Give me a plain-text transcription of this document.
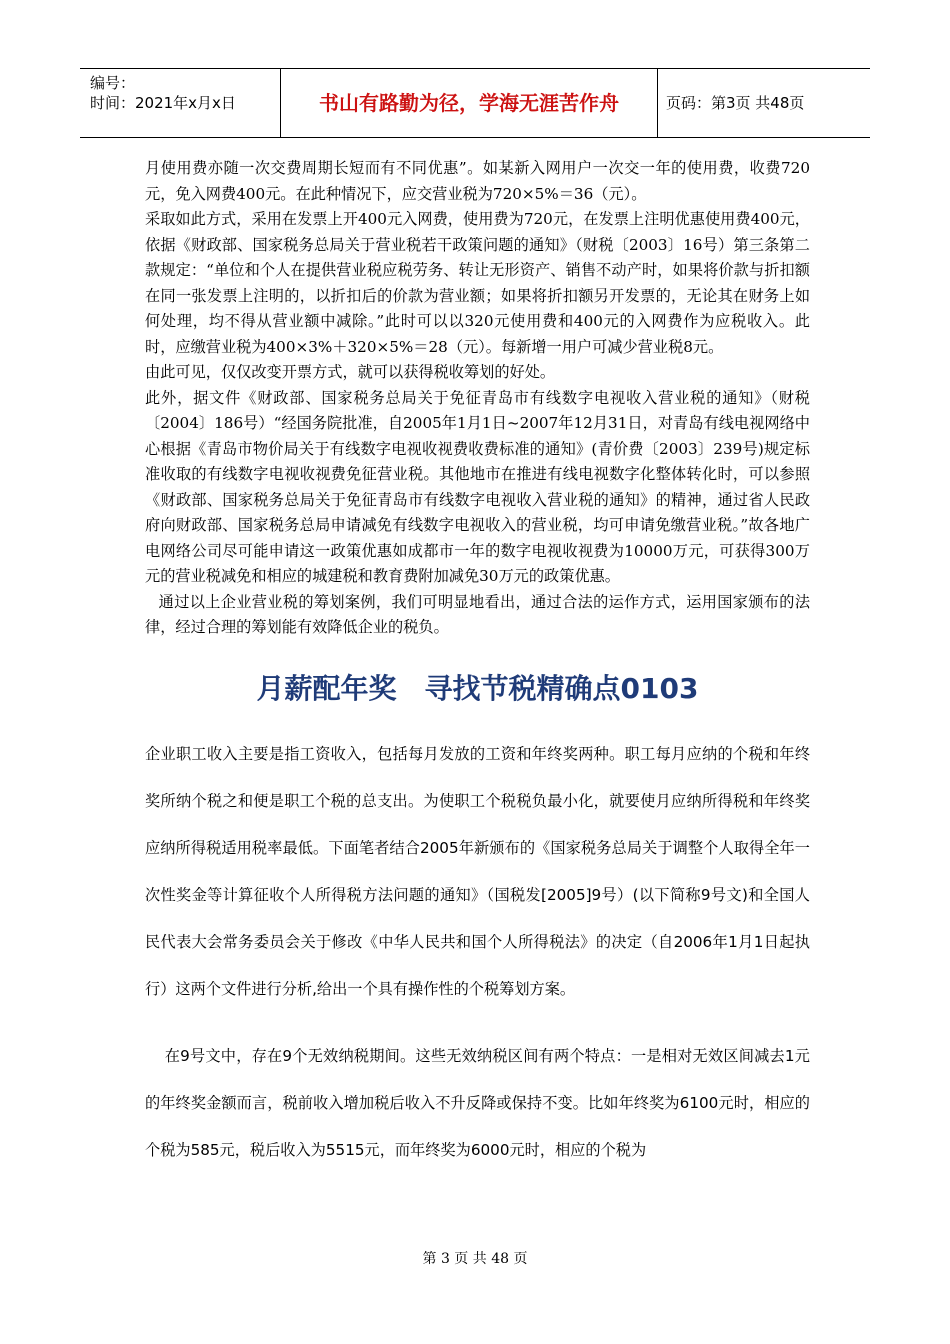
编号：
时间：2021年x月x日	书山有路勤为径，学海无涯苦作舟	页码：第3页 共48页

月使用费亦随一次交费周期长短而有不同优惠”。如某新入网用户一次交一年的使用费，收费720元，免入网费400元。在此种情况下，应交营业税为720×5%＝36（元）。

采取如此方式，采用在发票上开400元入网费，使用费为720元，在发票上注明优惠使用费400元，依据《财政部、国家税务总局关于营业税若干政策问题的通知》（财税〔2003〕16号）第三条第二款规定：“单位和个人在提供营业税应税劳务、转让无形资产、销售不动产时，如果将价款与折扣额在同一张发票上注明的，以折扣后的价款为营业额；如果将折扣额另开发票的，无论其在财务上如何处理，均不得从营业额中减除。”此时可以以320元使用费和400元的入网费作为应税收入。此时，应缴营业税为400×3%＋320×5%＝28（元）。每新增一用户可减少营业税8元。

由此可见，仅仅改变开票方式，就可以获得税收筹划的好处。

此外，据文件《财政部、国家税务总局关于免征青岛市有线数字电视收入营业税的通知》（财税〔2004〕186号）“经国务院批准，自2005年1月1日~2007年12月31日，对青岛有线电视网络中心根据《青岛市物价局关于有线数字电视收视费收费标准的通知》(青价费〔2003〕239号)规定标准收取的有线数字电视收视费免征营业税。其他地市在推进有线电视数字化整体转化时，可以参照《财政部、国家税务总局关于免征青岛市有线数字电视收入营业税的通知》的精神，通过省人民政府向财政部、国家税务总局申请减免有线数字电视收入的营业税，均可申请免缴营业税。”故各地广电网络公司尽可能申请这一政策优惠如成都市一年的数字电视收视费为10000万元，可获得300万元的营业税减免和相应的城建税和教育费附加减免30万元的政策优惠。

通过以上企业营业税的筹划案例，我们可明显地看出，通过合法的运作方式，运用国家颁布的法律，经过合理的筹划能有效降低企业的税负。

月薪配年奖　寻找节税精确点0103

企业职工收入主要是指工资收入，包括每月发放的工资和年终奖两种。职工每月应纳的个税和年终奖所纳个税之和便是职工个税的总支出。为使职工个税税负最小化，就要使月应纳所得税和年终奖应纳所得税适用税率最低。下面笔者结合2005年新颁布的《国家税务总局关于调整个人取得全年一次性奖金等计算征收个人所得税方法问题的通知》（国税发[2005]9号）(以下简称9号文)和全国人民代表大会常务委员会关于修改《中华人民共和国个人所得税法》的决定（自2006年1月1日起执行）这两个文件进行分析,给出一个具有操作性的个税筹划方案。

在9号文中，存在9个无效纳税期间。这些无效纳税区间有两个特点：一是相对无效区间减去1元的年终奖金额而言，税前收入增加税后收入不升反降或保持不变。比如年终奖为6100元时，相应的个税为585元，税后收入为5515元，而年终奖为6000元时，相应的个税为

第 3 页 共 48 页
